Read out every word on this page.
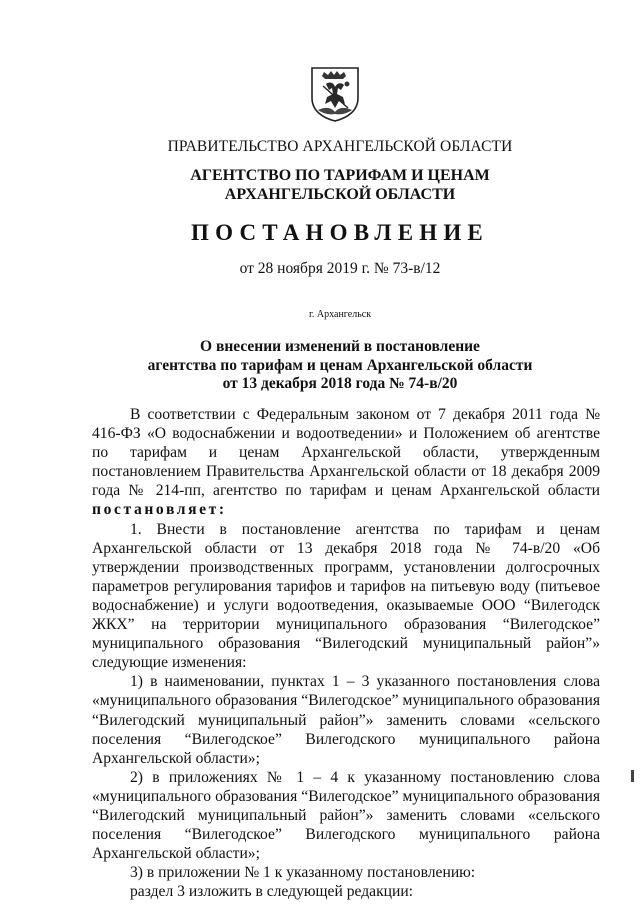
ПРАВИТЕЛЬСТВО АРХАНГЕЛЬСКОЙ ОБЛАСТИ
АГЕНТСТВО ПО ТАРИФАМ И ЦЕНАМ
АРХАНГЕЛЬСКОЙ ОБЛАСТИ
ПОСТАНОВЛЕНИЕ
от 28 ноября 2019 г. № 73-в/12
г. Архангельск
О внесении изменений в постановление
агентства по тарифам и ценам Архангельской области
от 13 декабря 2018 года № 74-в/20

В соответствии с Федеральным законом от 7 декабря 2011 года № 416-ФЗ «О водоснабжении и водоотведении» и Положением об агентстве по тарифам и ценам Архангельской области, утвержденным постановлением Правительства Архангельской области от 18 декабря 2009 года № 214-пп, агентство по тарифам и ценам Архангельской области постановляет:

1. Внести в постановление агентства по тарифам и ценам Архангельской области от 13 декабря 2018 года № 74-в/20 «Об утверждении производственных программ, установлении долгосрочных параметров регулирования тарифов и тарифов на питьевую воду (питьевое водоснабжение) и услуги водоотведения, оказываемые ООО “Вилегодск ЖКХ” на территории муниципального образования “Вилегодское” муниципального образования “Вилегодский муниципальный район”» следующие изменения:

1) в наименовании, пунктах 1 – 3 указанного постановления слова «муниципального образования “Вилегодское” муниципального образования “Вилегодский муниципальный район”» заменить словами «сельского поселения “Вилегодское” Вилегодского муниципального района Архангельской области»;

2) в приложениях № 1 – 4 к указанному постановлению слова «муниципального образования “Вилегодское” муниципального образования “Вилегодский муниципальный район”» заменить словами «сельского поселения “Вилегодское” Вилегодского муниципального района Архангельской области»;

3) в приложении № 1 к указанному постановлению:

раздел 3 изложить в следующей редакции:
